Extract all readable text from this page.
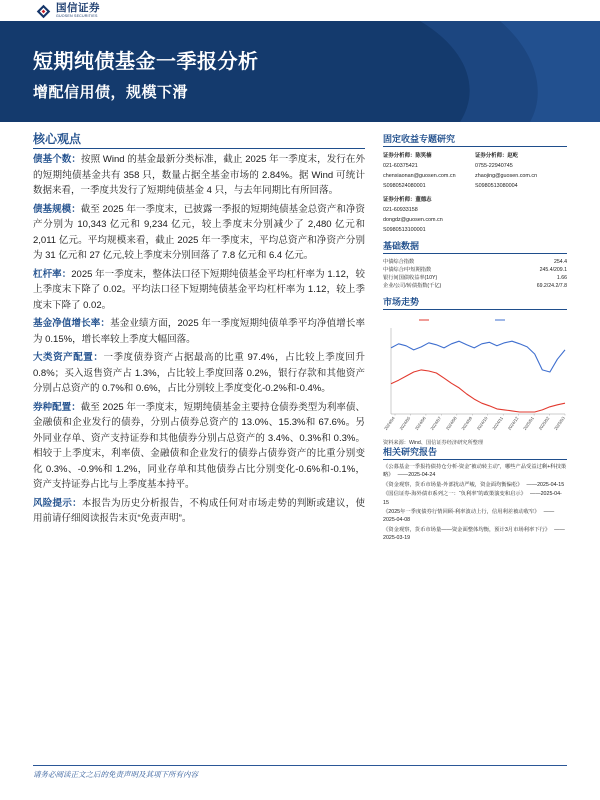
国信证券
GUOSEN SECURITIES
短期纯债基金一季报分析
增配信用债，规模下滑
核心观点

债基个数：按照 Wind 的基金最新分类标准，截止 2025 年一季度末，发行在外的短期纯债基金共有 358 只，数量占据全基金市场的 2.84%。据 Wind 可统计数据来看，一季度共发行了短期纯债基金 4 只，与去年同期比有所回落。

债基规模：截至 2025 年一季度末，已披露一季报的短期纯债基金总资产和净资产分别为 10,343 亿元和 9,234 亿元，较上季度末分别减少了 2,480 亿元和 2,011 亿元。平均规模来看，截止 2025 年一季度末，平均总资产和净资产分别为 31 亿元和 27 亿元,较上季度末分别回落了 7.8 亿元和 6.4 亿元。

杠杆率：2025 年一季度末，整体法口径下短期纯债基金平均杠杆率为 1.12，较上季度末下降了 0.02。平均法口径下短期纯债基金平均杠杆率为 1.12，较上季度末下降了 0.02。

基金净值增长率：基金业绩方面，2025 年一季度短期纯债单季平均净值增长率为 0.15%，增长率较上季度大幅回落。

大类资产配置：一季度债券资产占据最高的比重 97.4%，占比较上季度回升 0.8%；买入返售资产占 1.3%，占比较上季度回落 0.2%，银行存款和其他资产分别占总资产的 0.7%和 0.6%，占比分别较上季度变化-0.2%和-0.4%。

券种配置：截至 2025 年一季度末，短期纯债基金主要持仓债券类型为利率债、金融债和企业发行的债券，分别占债券总资产的 13.0%、15.3%和 67.6%。另外同业存单、资产支持证券和其他债券分别占总资产的 3.4%、0.3%和 0.3%。相较于上季度末，利率债、金融债和企业发行的债券占债券资产的比重分别变化 0.3%、-0.9%和 1.2%，同业存单和其他债券占比分别变化-0.6%和-0.1%，资产支持证券占比与上季度基本持平。

风险提示：本报告为历史分析报告，不构成任何对市场走势的判断或建议，使用前请仔细阅读报告末页“免责声明”。

固定收益专题研究
证券分析师：陈笑楠
021-60375421
chenxiaonan@guosen.com.cn
S0980524080001
证券分析师：赵屹
0755-22940745
zhaojing@guosen.com.cn
S0980513080004
证券分析师：董德志
021-60933158
dongdz@guosen.com.cn
S0980513100001
基础数据
中债综合指数	254.4
中债综合/中短期指数	245.4/209.1
银行间国债收益率(10Y)	1.66
企业/公司/转债指数(千亿)	69.2/24.2/7.8
市场走势
2024/04 2024/05 2024/06 2024/07 2024/08 2024/09 2024/10 2024/11 2024/12 2025/01 2025/02 2025/03
资料来源：Wind、国信证券经济研究所整理
相关研究报告
《公募基金一季报持债持仓分析-资金“被动转主动”，哪些产品受益过剩+科技策略》 ——2025-04-24
《资金观察，货币市场量-外部扰动严峻，资金面均衡偏松》 ——2025-04-15
《国信证券-海外债市系列之一：“负利率”的政策演变和启示》 ——2025-04-15
《2025年一季度债券行情回顾-利率波动上行，信用利差被动收窄》 ——2025-04-08
《资金观察，货币市场量——资金面整体均衡，预计3月市场利率下行》 ——2025-03-19
请务必阅读正文之后的免责声明及其项下所有内容
